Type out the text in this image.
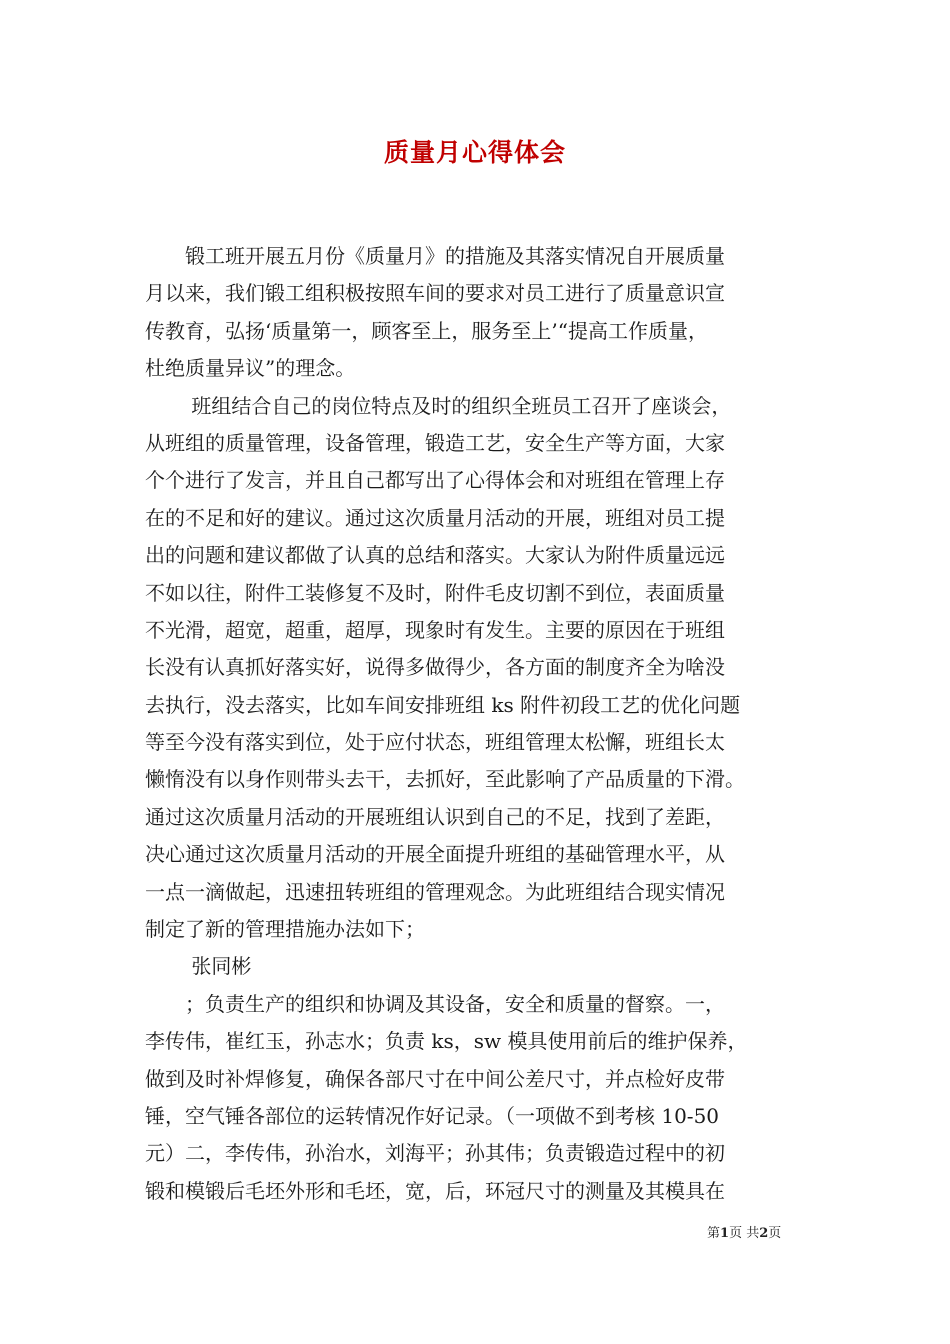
质量月心得体会
　　锻工班开展五月份《质量月》的措施及其落实情况自开展质量
月以来，我们锻工组积极按照车间的要求对员工进行了质量意识宣
传教育，弘扬‘质量第一，顾客至上，服务至上’“提高工作质量，
杜绝质量异议”的理念。
　　 班组结合自己的岗位特点及时的组织全班员工召开了座谈会，
从班组的质量管理，设备管理，锻造工艺，安全生产等方面，大家
个个进行了发言，并且自己都写出了心得体会和对班组在管理上存
在的不足和好的建议。通过这次质量月活动的开展，班组对员工提
出的问题和建议都做了认真的总结和落实。大家认为附件质量远远
不如以往，附件工装修复不及时，附件毛皮切割不到位，表面质量
不光滑，超宽，超重，超厚，现象时有发生。主要的原因在于班组
长没有认真抓好落实好，说得多做得少，各方面的制度齐全为啥没
去执行，没去落实，比如车间安排班组 ks 附件初段工艺的优化问题
等至今没有落实到位，处于应付状态，班组管理太松懈，班组长太
懒惰没有以身作则带头去干，去抓好，至此影响了产品质量的下滑。
通过这次质量月活动的开展班组认识到自己的不足，找到了差距，
决心通过这次质量月活动的开展全面提升班组的基础管理水平，从
一点一滴做起，迅速扭转班组的管理观念。为此班组结合现实情况
制定了新的管理措施办法如下；
　　 张同彬
　　；负责生产的组织和协调及其设备，安全和质量的督察。一，
李传伟，崔红玉，孙志水；负责 ks，sw 模具使用前后的维护保养，
做到及时补焊修复，确保各部尺寸在中间公差尺寸，并点检好皮带
锤，空气锤各部位的运转情况作好记录。（一项做不到考核 10-50
元）二，李传伟，孙治水，刘海平；孙其伟；负责锻造过程中的初
锻和模锻后毛坯外形和毛坯，宽，后，环冠尺寸的测量及其模具在
第1页 共2页
